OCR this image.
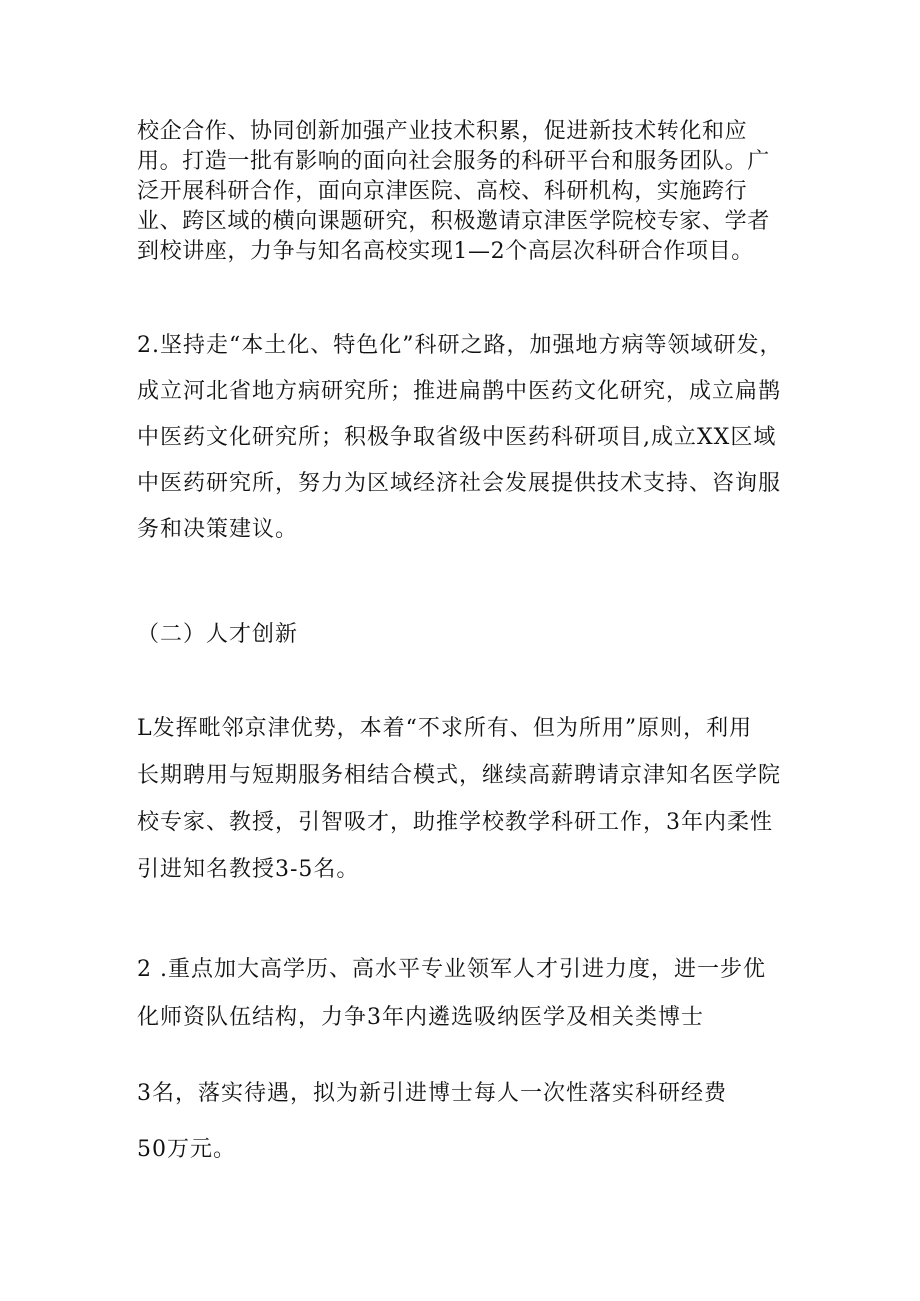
校企合作、协同创新加强产业技术积累，促进新技术转化和应
用。打造一批有影响的面向社会服务的科研平台和服务团队。广
泛开展科研合作，面向京津医院、高校、科研机构，实施跨行
业、跨区域的横向课题研究，积极邀请京津医学院校专家、学者
到校讲座，力争与知名高校实现1—2个高层次科研合作项目。
2.坚持走“本土化、特色化”科研之路，加强地方病等领域研发，
成立河北省地方病研究所；推进扁鹊中医药文化研究，成立扁鹊
中医药文化研究所；积极争取省级中医药科研项目,成立XX区域
中医药研究所，努力为区域经济社会发展提供技术支持、咨询服
务和决策建议。
（二）人才创新
L发挥毗邻京津优势，本着“不求所有、但为所用”原则，利用
长期聘用与短期服务相结合模式，继续高薪聘请京津知名医学院
校专家、教授，引智吸才，助推学校教学科研工作，3年内柔性
引进知名教授3-5名。
2 .重点加大高学历、高水平专业领军人才引进力度，进一步优
化师资队伍结构，力争3年内遴选吸纳医学及相关类博士
3名，落实待遇，拟为新引进博士每人一次性落实科研经费
50万元。
